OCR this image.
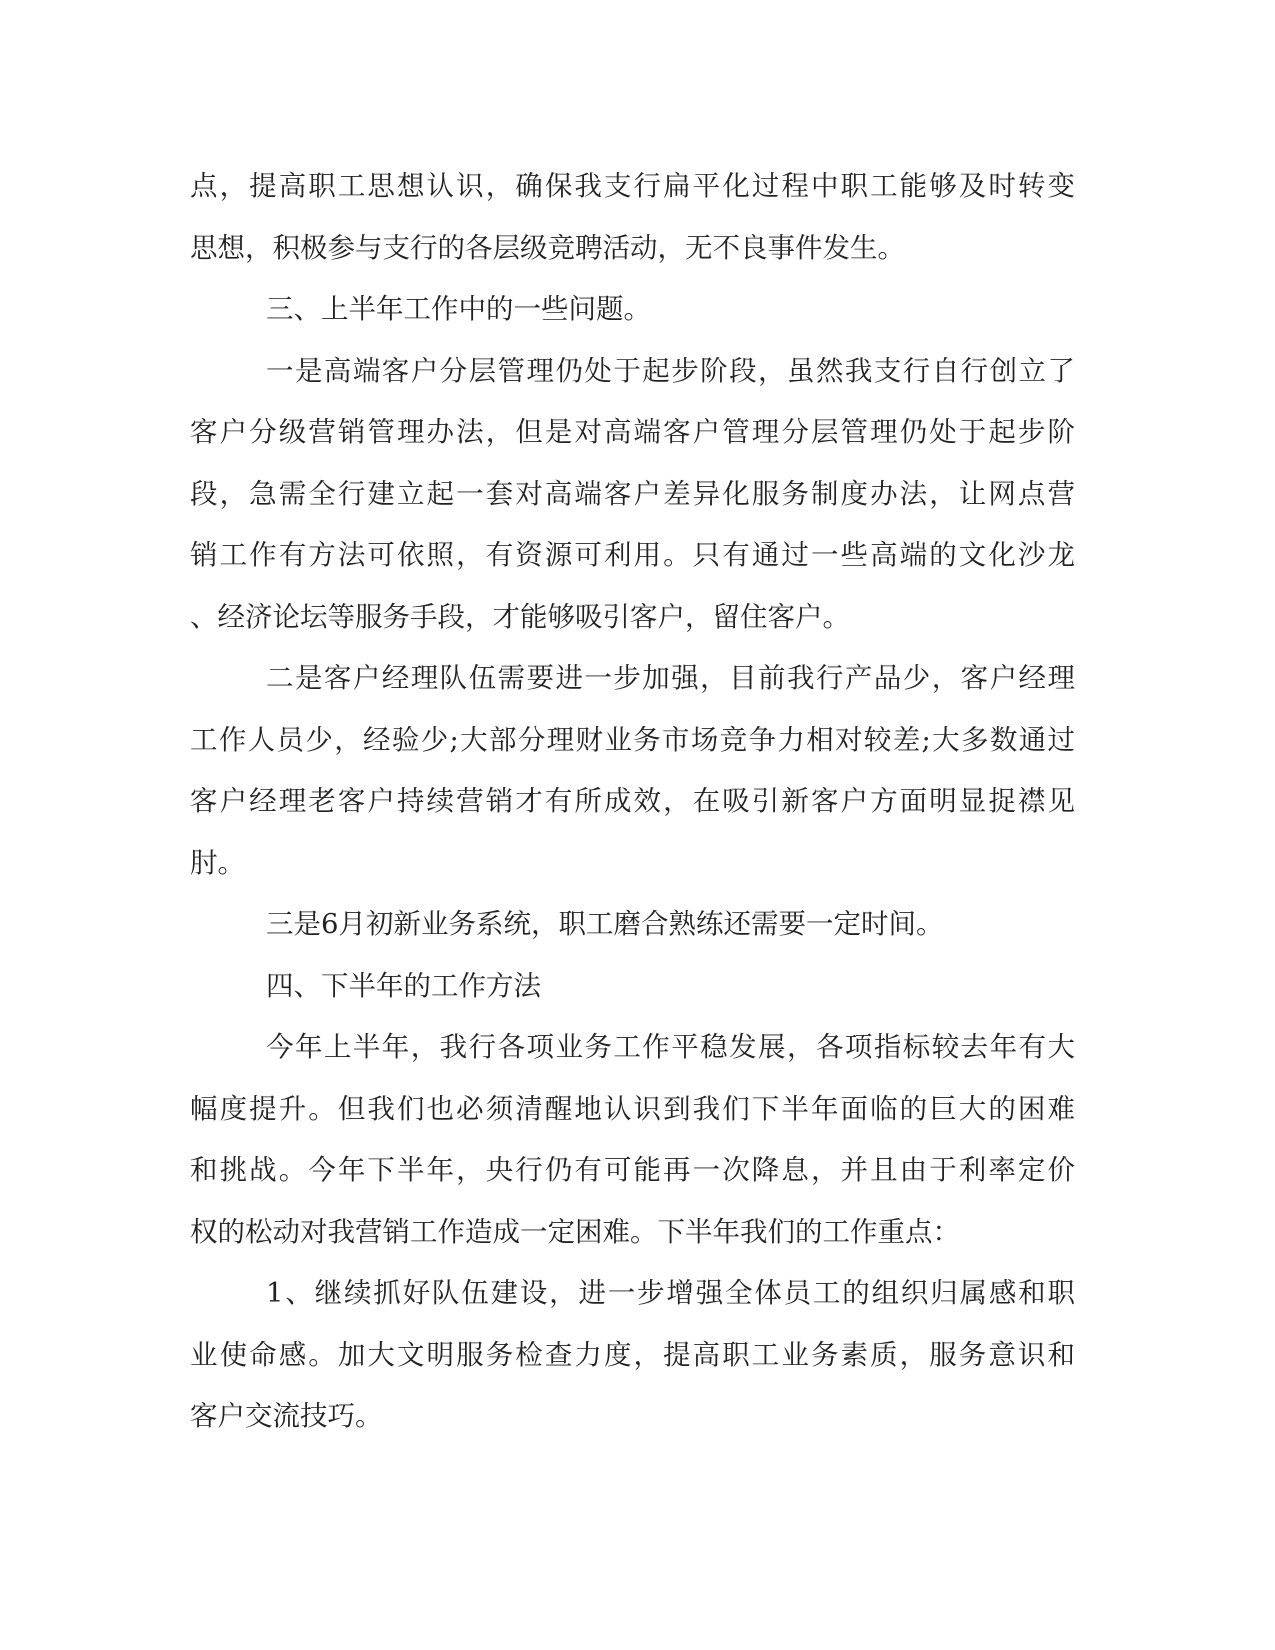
点，提高职工思想认识，确保我支行扁平化过程中职工能够及时转变
思想，积极参与支行的各层级竞聘活动，无不良事件发生。
三、上半年工作中的一些问题。
一是高端客户分层管理仍处于起步阶段，虽然我支行自行创立了
客户分级营销管理办法，但是对高端客户管理分层管理仍处于起步阶
段，急需全行建立起一套对高端客户差异化服务制度办法，让网点营
销工作有方法可依照，有资源可利用。只有通过一些高端的文化沙龙
、经济论坛等服务手段，才能够吸引客户，留住客户。
二是客户经理队伍需要进一步加强，目前我行产品少，客户经理
工作人员少，经验少;大部分理财业务市场竞争力相对较差;大多数通过
客户经理老客户持续营销才有所成效，在吸引新客户方面明显捉襟见
肘。
三是6月初新业务系统，职工磨合熟练还需要一定时间。
四、下半年的工作方法
今年上半年，我行各项业务工作平稳发展，各项指标较去年有大
幅度提升。但我们也必须清醒地认识到我们下半年面临的巨大的困难
和挑战。今年下半年，央行仍有可能再一次降息，并且由于利率定价
权的松动对我营销工作造成一定困难。下半年我们的工作重点：
1、继续抓好队伍建设，进一步增强全体员工的组织归属感和职
业使命感。加大文明服务检查力度，提高职工业务素质，服务意识和
客户交流技巧。
